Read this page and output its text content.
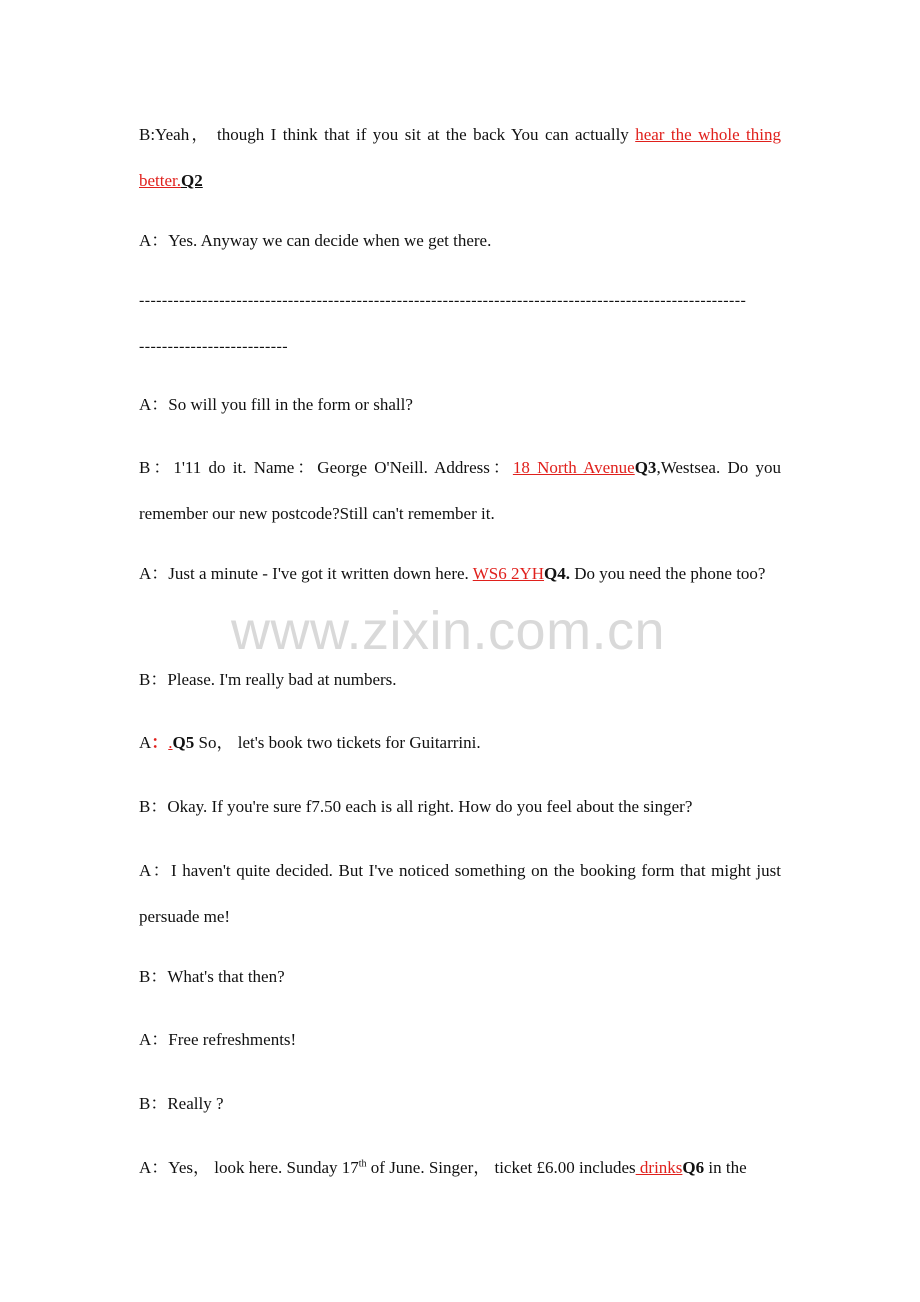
B:Yeah， though I think that if you sit at the back You can actually hear the whole thing better.Q2

A：Yes. Anyway we can decide when we get there.

----------------------------------------------------------------------------------------------------------
--------------------------

A：So will you fill in the form or shall?

B：1'11 do it. Name：George O'Neill. Address：18 North AvenueQ3,Westsea. Do you remember our new postcode?Still can't remember it.

A：Just a minute - I've got it written down here. WS6 2YHQ4. Do you need the phone too?

B：Please. I'm really bad at numbers.

A：.Q5 So， let's book two tickets for Guitarrini.

B：Okay. If you're sure f7.50 each is all right. How do you feel about the singer?

A：I haven't quite decided. But I've noticed something on the booking form that might just persuade me!

B：What's that then?

A：Free refreshments!

B：Really ?

A：Yes， look here. Sunday 17th of June. Singer， ticket £6.00 includes drinksQ6 in the

www.zixin.com.cn
